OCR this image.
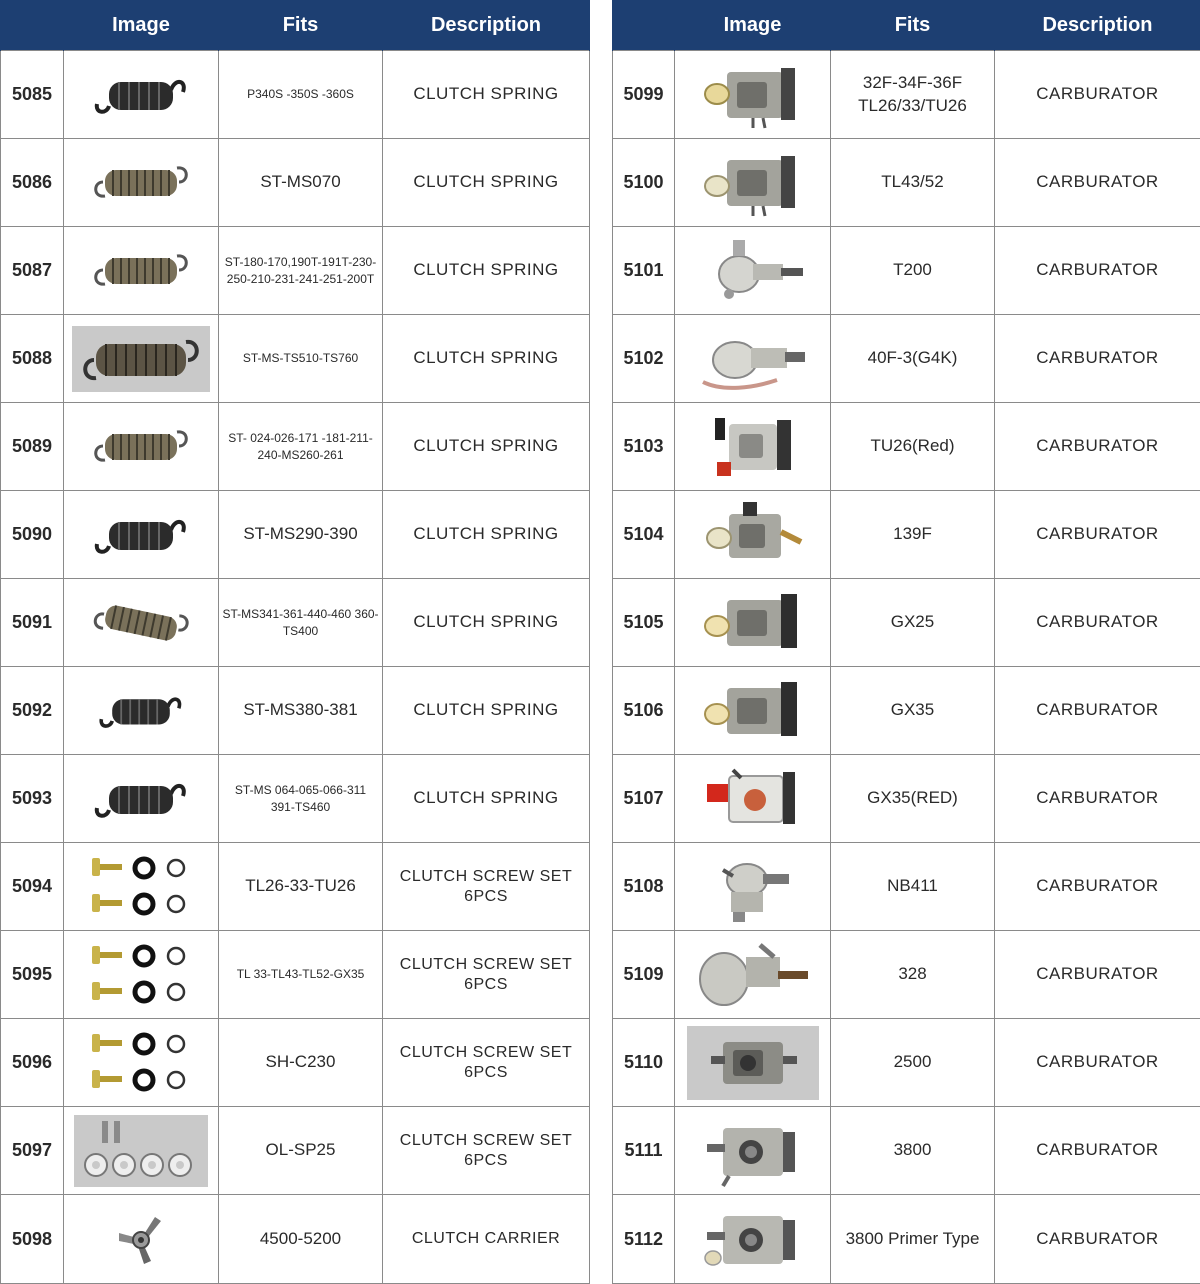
	Image	Fits	Description
5085		P340S -350S -360S	CLUTCH SPRING
5086		ST-MS070	CLUTCH SPRING
5087		ST-180-170,190T-191T-230-250-210-231-241-251-200T	CLUTCH SPRING
5088		ST-MS-TS510-TS760	CLUTCH SPRING
5089		ST- 024-026-171 -181-211-240-MS260-261	CLUTCH SPRING
5090		ST-MS290-390	CLUTCH SPRING
5091		ST-MS341-361-440-460 360-TS400	CLUTCH SPRING
5092		ST-MS380-381	CLUTCH SPRING
5093		ST-MS 064-065-066-311 391-TS460	CLUTCH SPRING
5094		TL26-33-TU26	CLUTCH SCREW SET 6PCS
5095		TL 33-TL43-TL52-GX35	CLUTCH SCREW SET 6PCS
5096		SH-C230	CLUTCH SCREW SET 6PCS
5097		OL-SP25	CLUTCH SCREW SET 6PCS
5098		4500-5200	CLUTCH CARRIER
	Image	Fits	Description
5099		32F-34F-36F TL26/33/TU26	CARBURATOR
5100		TL43/52	CARBURATOR
5101		T200	CARBURATOR
5102		40F-3(G4K)	CARBURATOR
5103		TU26(Red)	CARBURATOR
5104		139F	CARBURATOR
5105		GX25	CARBURATOR
5106		GX35	CARBURATOR
5107		GX35(RED)	CARBURATOR
5108		NB411	CARBURATOR
5109		328	CARBURATOR
5110		2500	CARBURATOR
5111		3800	CARBURATOR
5112		3800 Primer Type	CARBURATOR
